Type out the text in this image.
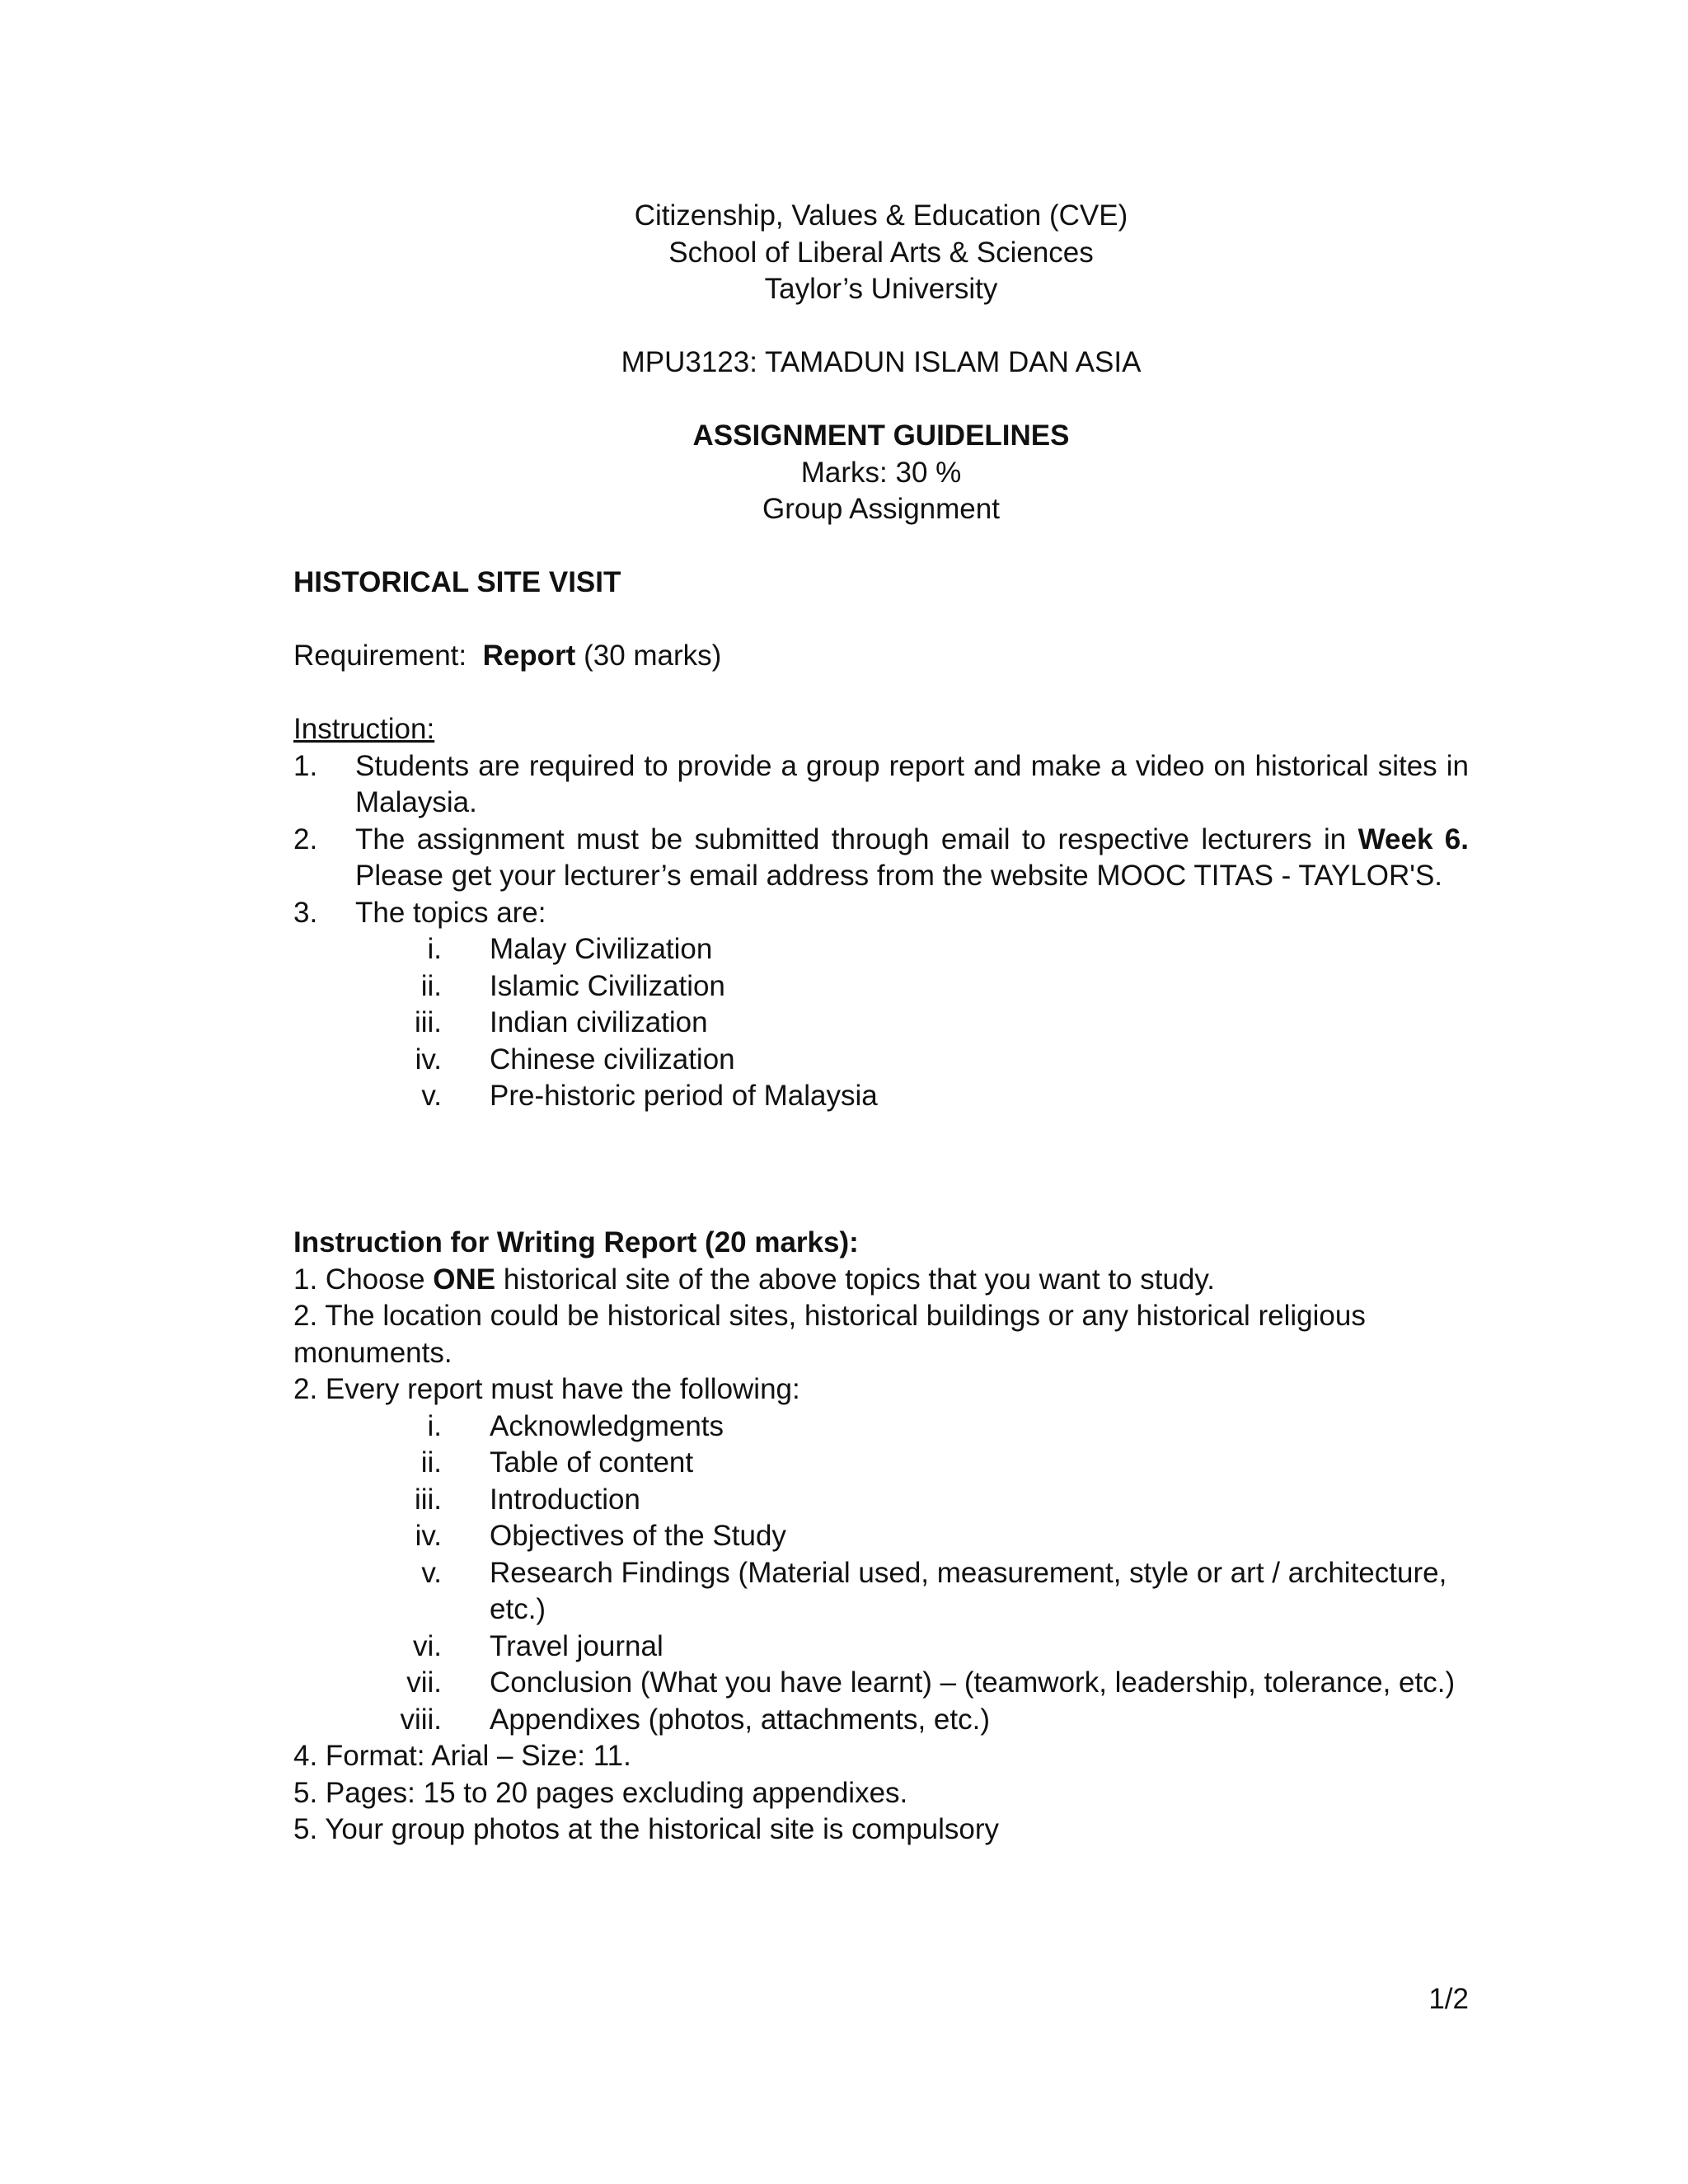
Citizenship, Values & Education (CVE)
School of Liberal Arts & Sciences
Taylor’s University
MPU3123: TAMADUN ISLAM DAN ASIA
ASSIGNMENT GUIDELINES
Marks: 30 %
Group Assignment
HISTORICAL SITE VISIT
Requirement:  Report (30 marks)
Instruction:
1. Students are required to provide a group report and make a video on historical sites in Malaysia.
2. The assignment must be submitted through email to respective lecturers in Week 6. Please get your lecturer’s email address from the website MOOC TITAS - TAYLOR'S.
3. The topics are:
i. Malay Civilization
ii. Islamic Civilization
iii. Indian civilization
iv. Chinese civilization
v. Pre-historic period of Malaysia
Instruction for Writing Report (20 marks):
1. Choose ONE historical site of the above topics that you want to study.
2. The location could be historical sites, historical buildings or any historical religious monuments.
2. Every report must have the following:
i. Acknowledgments
ii. Table of content
iii. Introduction
iv. Objectives of the Study
v. Research Findings (Material used, measurement, style or art / architecture, etc.)
vi. Travel journal
vii. Conclusion (What you have learnt) – (teamwork, leadership, tolerance, etc.)
viii. Appendixes (photos, attachments, etc.)
4. Format: Arial – Size: 11.
5. Pages: 15 to 20 pages excluding appendixes.
5. Your group photos at the historical site is compulsory
1/2
